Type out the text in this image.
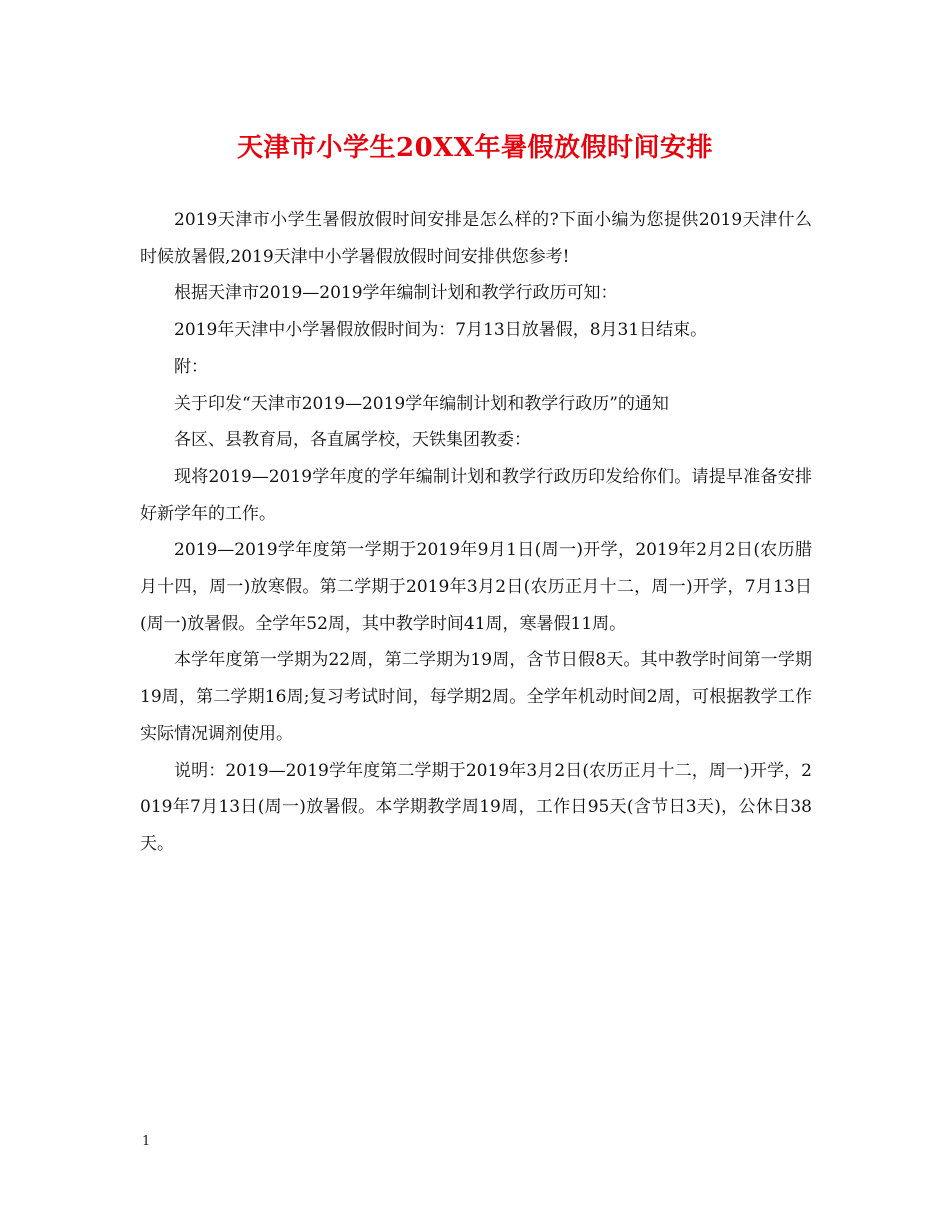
天津市小学生20XX年暑假放假时间安排

2019天津市小学生暑假放假时间安排是怎么样的?下面小编为您提供2019天津什么时候放暑假,2019天津中小学暑假放假时间安排供您参考!

根据天津市2019—2019学年编制计划和教学行政历可知：

2019年天津中小学暑假放假时间为：7月13日放暑假，8月31日结束。

附：

关于印发“天津市2019—2019学年编制计划和教学行政历”的通知

各区、县教育局，各直属学校，天铁集团教委：

现将2019—2019学年度的学年编制计划和教学行政历印发给你们。请提早准备安排好新学年的工作。

2019—2019学年度第一学期于2019年9月1日(周一)开学，2019年2月2日(农历腊月十四，周一)放寒假。第二学期于2019年3月2日(农历正月十二，周一)开学，7月13日(周一)放暑假。全学年52周，其中教学时间41周，寒暑假11周。

本学年度第一学期为22周，第二学期为19周，含节日假8天。其中教学时间第一学期19周，第二学期16周;复习考试时间，每学期2周。全学年机动时间2周，可根据教学工作实际情况调剂使用。

说明：2019—2019学年度第二学期于2019年3月2日(农历正月十二，周一)开学，2019年7月13日(周一)放暑假。本学期教学周19周，工作日95天(含节日3天)，公休日38天。

1
